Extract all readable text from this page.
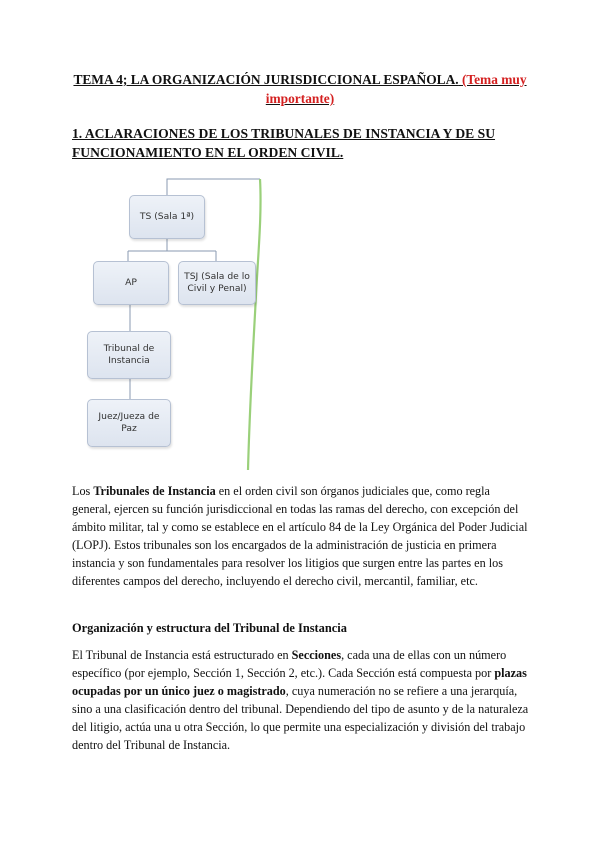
TEMA 4; LA ORGANIZACIÓN JURISDICCIONAL ESPAÑOLA. (Tema muy importante)
1. ACLARACIONES DE LOS TRIBUNALES DE INSTANCIA Y DE SU FUNCIONAMIENTO EN EL ORDEN CIVIL.
TS (Sala 1ª)
AP
TSJ (Sala de lo Civil y Penal)
Tribunal de Instancia
Juez/Jueza de Paz
Los Tribunales de Instancia en el orden civil son órganos judiciales que, como regla general, ejercen su función jurisdiccional en todas las ramas del derecho, con excepción del ámbito militar, tal y como se establece en el artículo 84 de la Ley Orgánica del Poder Judicial (LOPJ). Estos tribunales son los encargados de la administración de justicia en primera instancia y son fundamentales para resolver los litigios que surgen entre las partes en los diferentes campos del derecho, incluyendo el derecho civil, mercantil, familiar, etc.
Organización y estructura del Tribunal de Instancia
El Tribunal de Instancia está estructurado en Secciones, cada una de ellas con un número específico (por ejemplo, Sección 1, Sección 2, etc.). Cada Sección está compuesta por plazas ocupadas por un único juez o magistrado, cuya numeración no se refiere a una jerarquía, sino a una clasificación dentro del tribunal. Dependiendo del tipo de asunto y de la naturaleza del litigio, actúa una u otra Sección, lo que permite una especialización y división del trabajo dentro del Tribunal de Instancia.
